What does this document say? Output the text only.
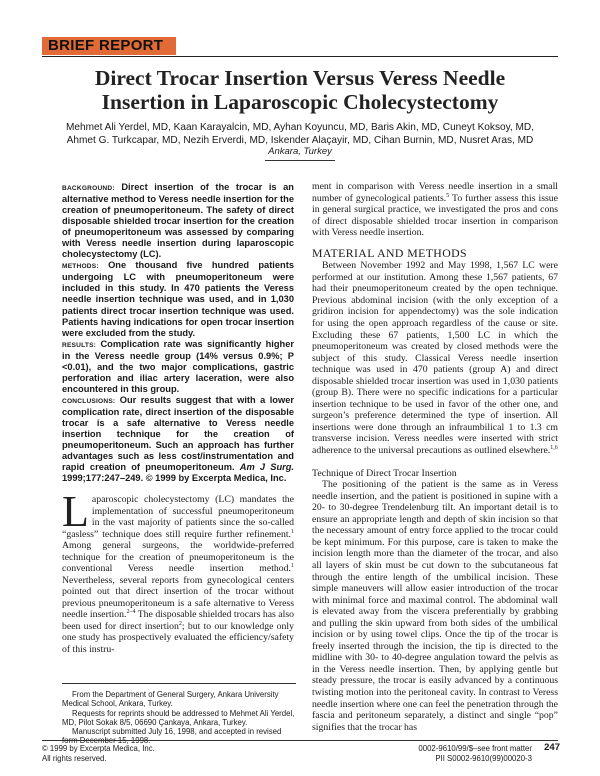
BRIEF REPORT
Direct Trocar Insertion Versus Veress Needle
Insertion in Laparoscopic Cholecystectomy
Mehmet Ali Yerdel, MD, Kaan Karayalcin, MD, Ayhan Koyuncu, MD, Baris Akin, MD, Cuneyt Koksoy, MD,
Ahmet G. Turkcapar, MD, Nezih Erverdi, MD, Iskender Alaçayir, MD, Cihan Burnin, MD, Nusret Aras, MD
Ankara, Turkey

BACKGROUND: Direct insertion of the trocar is an alternative method to Veress needle insertion for the creation of pneumoperitoneum. The safety of direct disposable shielded trocar insertion for the creation of pneumoperitoneum was assessed by comparing with Veress needle insertion during laparoscopic cholecystectomy (LC).

METHODS: One thousand five hundred patients undergoing LC with pneumoperitoneum were included in this study. In 470 patients the Veress needle insertion technique was used, and in 1,030 patients direct trocar insertion technique was used. Patients having indications for open trocar insertion were excluded from the study.

RESULTS: Complication rate was significantly higher in the Veress needle group (14% versus 0.9%; P <0.01), and the two major complications, gastric perforation and iliac artery laceration, were also encountered in this group.

CONCLUSIONS: Our results suggest that with a lower complication rate, direct insertion of the disposable trocar is a safe alternative to Veress needle insertion technique for the creation of pneumoperitoneum. Such an approach has further advantages such as less cost/instrumentation and rapid creation of pneumoperitoneum. Am J Surg. 1999;177:247–249. © 1999 by Excerpta Medica, Inc.

Laparoscopic cholecystectomy (LC) mandates the implementation of successful pneumoperitoneum in the vast majority of patients since the so-called “gasless” technique does still require further refinement.$^1$ Among general surgeons, the worldwide-preferred technique for the creation of pneumoperitoneum is the conventional Veress needle insertion method.$^1$ Nevertheless, several reports from gynecological centers pointed out that direct insertion of the trocar without previous pneumoperitoneum is a safe alternative to Veress needle insertion.$^{2-4}$ The disposable shielded trocars has also been used for direct insertion$^2$; but to our knowledge only one study has prospectively evaluated the efficiency/safety of this instru-

From the Department of General Surgery, Ankara University Medical School, Ankara, Turkey.

Requests for reprints should be addressed to Mehmet Ali Yerdel, MD, Pilot Sokak 8/5, 06690 Çankaya, Ankara, Turkey.

Manuscript submitted July 16, 1998, and accepted in revised form December 15, 1998.

ment in comparison with Veress needle insertion in a small number of gynecological patients.$^5$ To further assess this issue in general surgical practice, we investigated the pros and cons of direct disposable shielded trocar insertion in comparison with Veress needle insertion.

MATERIAL AND METHODS

Between November 1992 and May 1998, 1,567 LC were performed at our institution. Among these 1,567 patients, 67 had their pneumoperitoneum created by the open technique. Previous abdominal incision (with the only exception of a gridiron incision for appendectomy) was the sole indication for using the open approach regardless of the cause or site. Excluding these 67 patients, 1,500 LC in which the pneumoperitoneum was created by closed methods were the subject of this study. Classical Veress needle insertion technique was used in 470 patients (group A) and direct disposable shielded trocar insertion was used in 1,030 patients (group B). There were no specific indications for a particular insertion technique to be used in favor of the other one, and surgeon’s preference determined the type of insertion. All insertions were done through an infraumbilical 1 to 1.3 cm transverse incision. Veress needles were inserted with strict adherence to the universal precautions as outlined elsewhere.$^{1,6}$

Technique of Direct Trocar Insertion

The positioning of the patient is the same as in Veress needle insertion, and the patient is positioned in supine with a 20- to 30-degree Trendelenburg tilt. An important detail is to ensure an appropriate length and depth of skin incision so that the necessary amount of entry force applied to the trocar could be kept minimum. For this purpose, care is taken to make the incision length more than the diameter of the trocar, and also all layers of skin must be cut down to the subcutaneous fat through the entire length of the umbilical incision. These simple maneuvers will allow easier introduction of the trocar with minimal force and maximal control. The abdominal wall is elevated away from the viscera preferentially by grabbing and pulling the skin upward from both sides of the umbilical incision or by using towel clips. Once the tip of the trocar is freely inserted through the incision, the tip is directed to the midline with 30- to 40-degree angulation toward the pelvis as in the Veress needle insertion. Then, by applying gentle but steady pressure, the trocar is easily advanced by a continuous twisting motion into the peritoneal cavity. In contrast to Veress needle insertion where one can feel the penetration through the fascia and peritoneum separately, a distinct and single “pop” signifies that the trocar has

© 1999 by Excerpta Medica, Inc.

All rights reserved.

0002-9610/99/$–see front matter

PII S0002-9610(99)00020-3

247
